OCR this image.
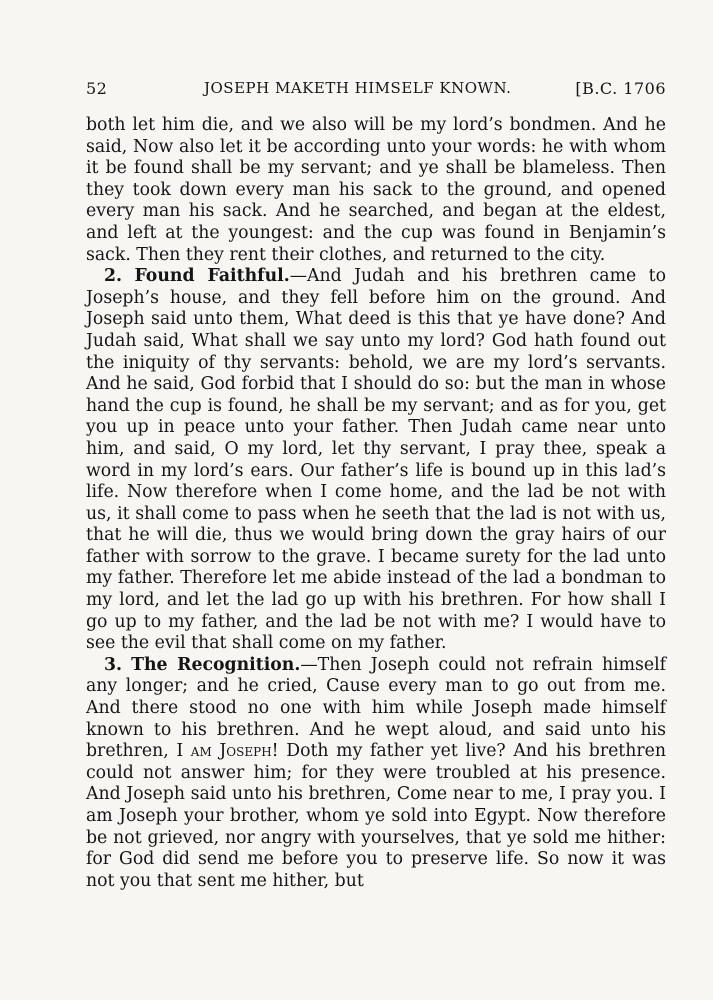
52	JOSEPH MAKETH HIMSELF KNOWN.	[B.C. 1706

both let him die, and we also will be my lord’s bondmen. And he said, Now also let it be according unto your words: he with whom it be found shall be my servant; and ye shall be blameless. Then they took down every man his sack to the ground, and opened every man his sack. And he searched, and began at the eldest, and left at the youngest: and the cup was found in Benjamin’s sack. Then they rent their clothes, and returned to the city.

2. Found Faithful.—And Judah and his brethren came to Joseph’s house, and they fell before him on the ground. And Joseph said unto them, What deed is this that ye have done? And Judah said, What shall we say unto my lord? God hath found out the iniquity of thy servants: behold, we are my lord’s servants. And he said, God forbid that I should do so: but the man in whose hand the cup is found, he shall be my servant; and as for you, get you up in peace unto your father. Then Judah came near unto him, and said, O my lord, let thy servant, I pray thee, speak a word in my lord’s ears. Our father’s life is bound up in this lad’s life. Now therefore when I come home, and the lad be not with us, it shall come to pass when he seeth that the lad is not with us, that he will die, thus we would bring down the gray hairs of our father with sorrow to the grave. I became surety for the lad unto my father. Therefore let me abide instead of the lad a bondman to my lord, and let the lad go up with his brethren. For how shall I go up to my father, and the lad be not with me? I would have to see the evil that shall come on my father.

3. The Recognition.—Then Joseph could not refrain himself any longer; and he cried, Cause every man to go out from me. And there stood no one with him while Joseph made himself known to his brethren. And he wept aloud, and said unto his brethren, I am Joseph! Doth my father yet live? And his brethren could not answer him; for they were troubled at his presence. And Joseph said unto his brethren, Come near to me, I pray you. I am Joseph your brother, whom ye sold into Egypt. Now therefore be not grieved, nor angry with yourselves, that ye sold me hither: for God did send me before you to preserve life. So now it was not you that sent me hither, but
